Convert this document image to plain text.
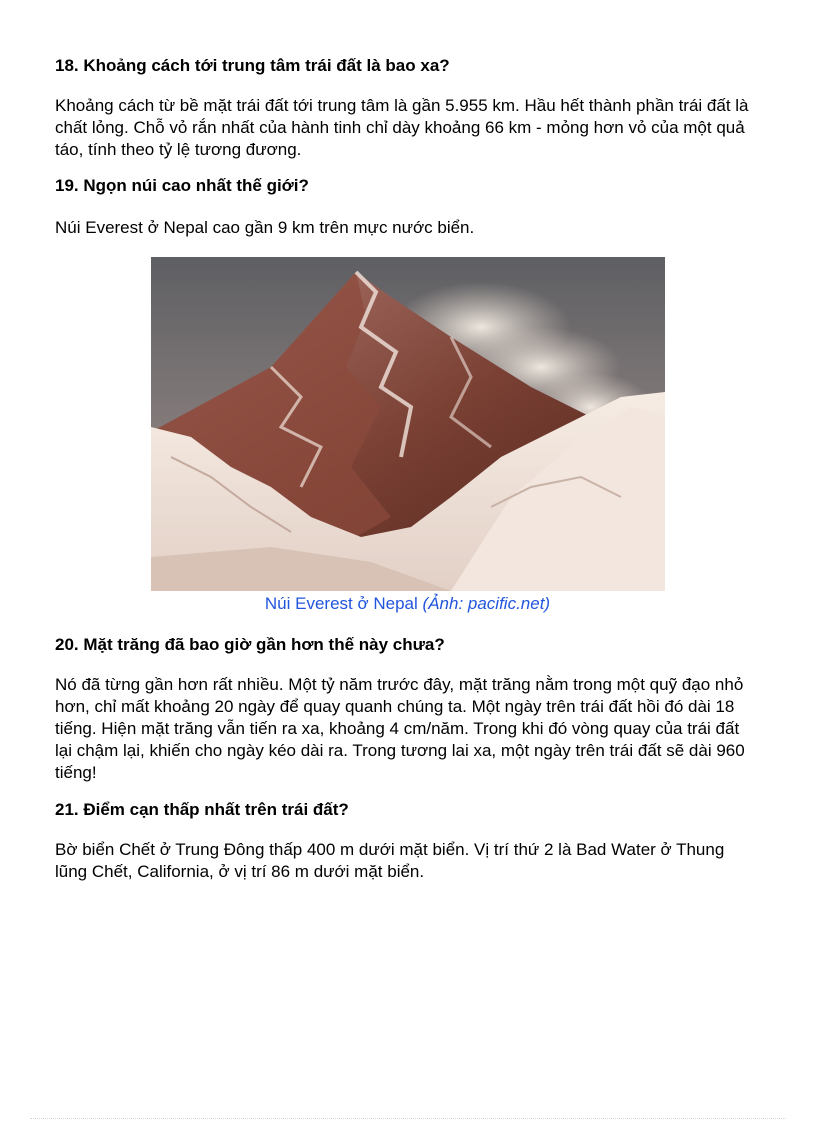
18. Khoảng cách tới trung tâm trái đất là bao xa?

Khoảng cách từ bề mặt trái đất tới trung tâm là gần 5.955 km. Hầu hết thành phần trái đất là chất lỏng. Chỗ vỏ rắn nhất của hành tinh chỉ dày khoảng 66 km - mỏng hơn vỏ của một quả táo, tính theo tỷ lệ tương đương.

19. Ngọn núi cao nhất thế giới?

Núi Everest ở Nepal cao gần 9 km trên mực nước biển.

Núi Everest ở Nepal (Ảnh: pacific.net)
20. Mặt trăng đã bao giờ gần hơn thế này chưa?

Nó đã từng gần hơn rất nhiều. Một tỷ năm trước đây, mặt trăng nằm trong một quỹ đạo nhỏ hơn, chỉ mất khoảng 20 ngày để quay quanh chúng ta. Một ngày trên trái đất hồi đó dài 18 tiếng. Hiện mặt trăng vẫn tiến ra xa, khoảng 4 cm/năm. Trong khi đó vòng quay của trái đất lại chậm lại, khiến cho ngày kéo dài ra. Trong tương lai xa, một ngày trên trái đất sẽ dài 960 tiếng!

21. Điểm cạn thấp nhất trên trái đất?

Bờ biển Chết ở Trung Đông thấp 400 m dưới mặt biển. Vị trí thứ 2 là Bad Water ở Thung lũng Chết, California, ở vị trí 86 m dưới mặt biển.
